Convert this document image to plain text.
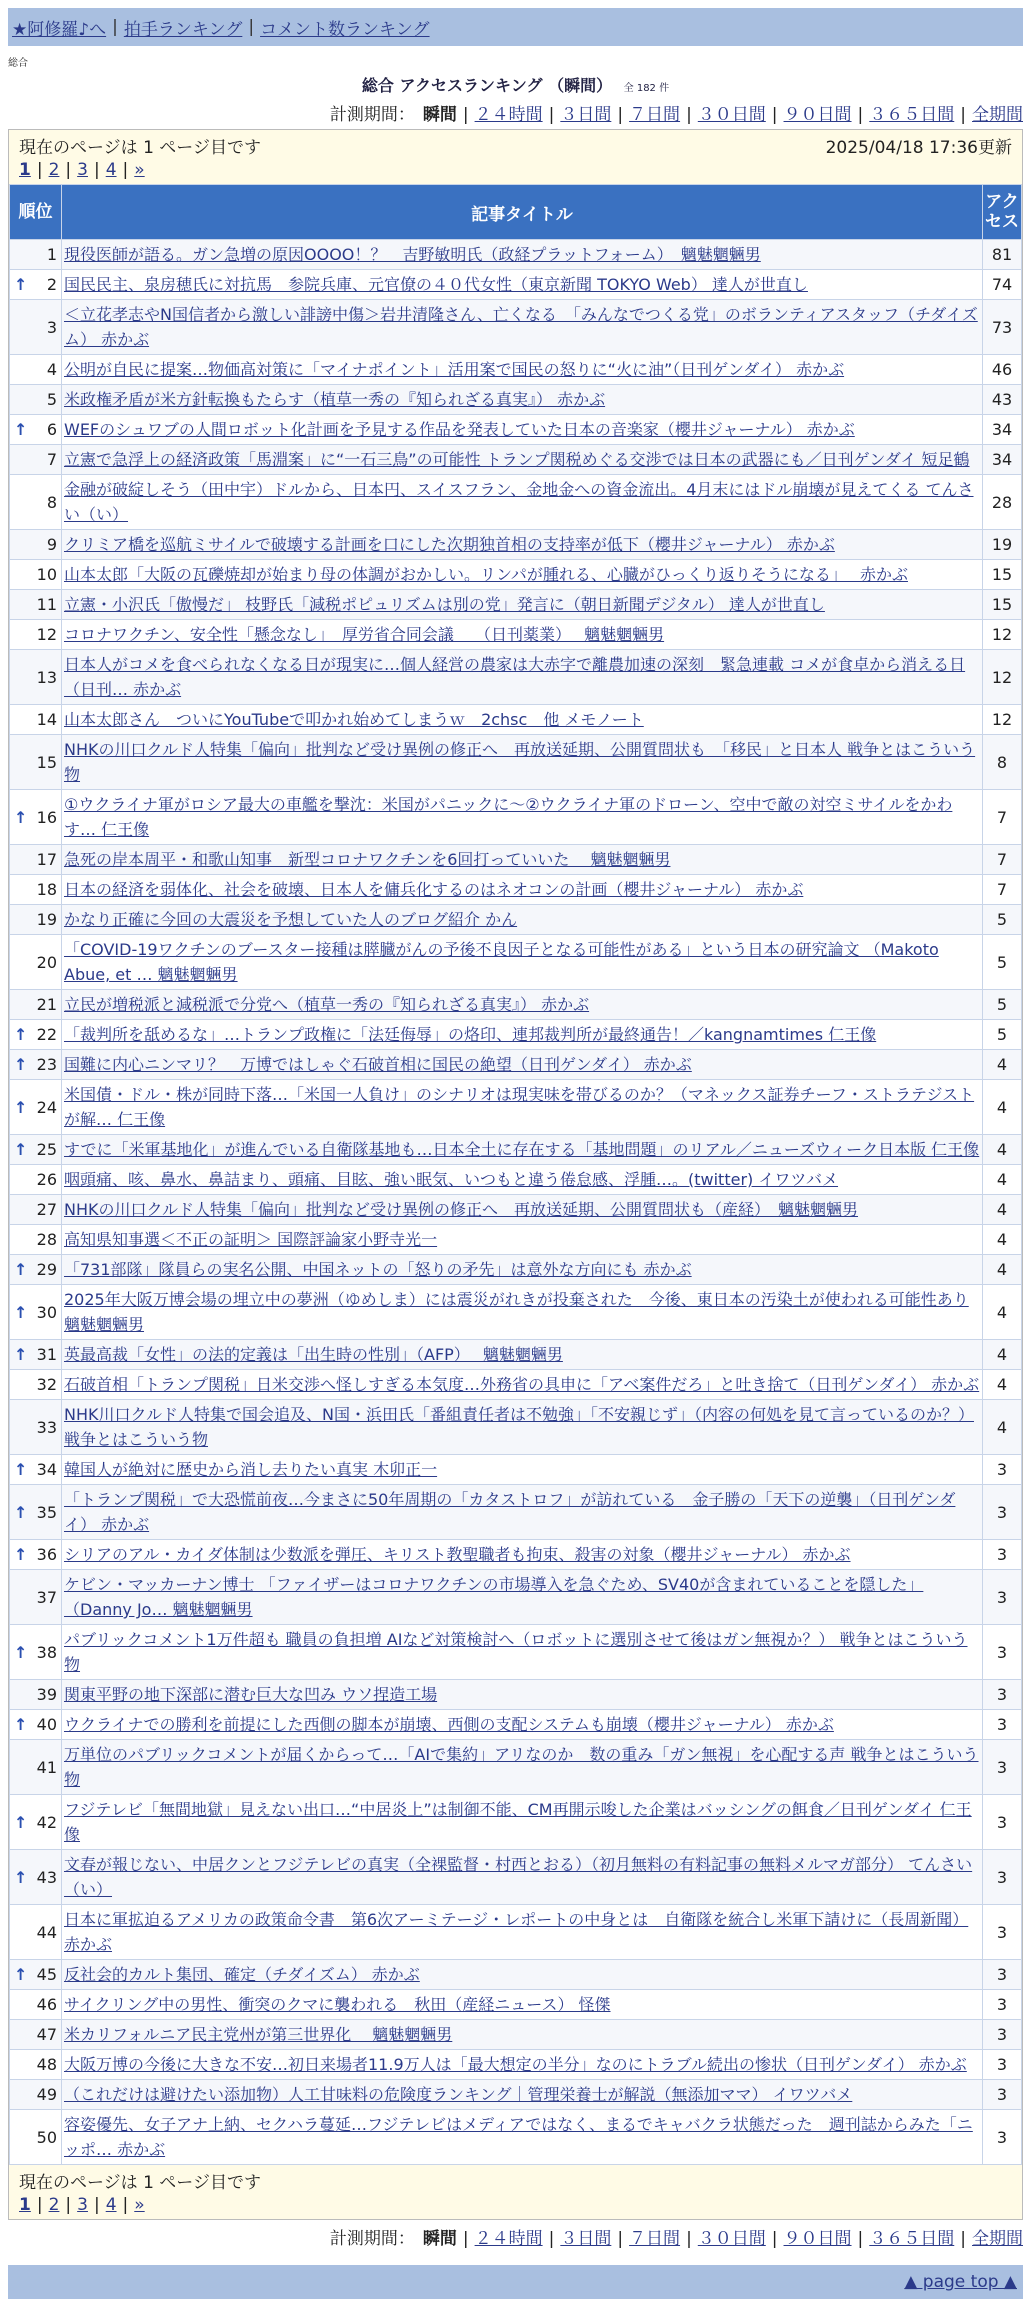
★阿修羅♪へ | 拍手ランキング | コメント数ランキング
総合
総合 アクセスランキング （瞬間） 全 182 件
計測期間： 瞬間 | ２４時間 | ３日間 | ７日間 | ３０日間 | ９０日間 | ３６５日間 | 全期間
現在のページは 1 ページ目です	2025/04/18 17:36更新
1 | 2 | 3 | 4 | »
順位	記事タイトル	アクセス
1	現役医師が語る。ガン急増の原因OOOO！？　吉野敏明氏（政経プラットフォーム）　魑魅魍魎男	81

↑ 2	国民民主、泉房穂氏に対抗馬　参院兵庫、元官僚の４０代女性（東京新聞 TOKYO Web） 達人が世直し	74
3	＜立花孝志やN国信者から激しい誹謗中傷＞岩井清隆さん、亡くなる　「みんなでつくる党」のボランティアスタッフ（チダイズム） 赤かぶ	73
4	公明が自民に提案…物価高対策に「マイナポイント」活用案で国民の怒りに“火に油”（日刊ゲンダイ） 赤かぶ	46
5	米政権矛盾が米方針転換もたらす（植草一秀の『知られざる真実』） 赤かぶ	43

↑ 6	WEFのシュワブの人間ロボット化計画を予見する作品を発表していた日本の音楽家（櫻井ジャーナル） 赤かぶ	34
7	立憲で急浮上の経済政策「馬淵案」に“一石三鳥”の可能性 トランプ関税めぐる交渉では日本の武器にも／日刊ゲンダイ 短足鶴	34
8	金融が破綻しそう（田中宇）ドルから、日本円、スイスフラン、金地金への資金流出。4月末にはドル崩壊が見えてくる てんさい（い）	28
9	クリミア橋を巡航ミサイルで破壊する計画を口にした次期独首相の支持率が低下（櫻井ジャーナル） 赤かぶ	19
10	山本太郎「大阪の瓦礫焼却が始まり母の体調がおかしい。リンパが腫れる、心臓がひっくり返りそうになる」　 赤かぶ	15
11	立憲・小沢氏「傲慢だ」 枝野氏「減税ポピュリズムは別の党」発言に（朝日新聞デジタル） 達人が世直し	15
12	コロナワクチン、安全性「懸念なし」　厚労省合同会議　 （日刊薬業）　 魑魅魍魎男	12
13	日本人がコメを食べられなくなる日が現実に…個人経営の農家は大赤字で離農加速の深刻　緊急連載 コメが食卓から消える日（日刊… 赤かぶ	12
14	山本太郎さん　ついにYouTubeで叩かれ始めてしまうｗ　2chsc　他 メモノート	12
15	NHKの川口クルド人特集「偏向」批判など受け異例の修正へ　再放送延期、公開質問状も　「移民」と日本人 戦争とはこういう物	8

↑ 16	①ウクライナ軍がロシア最大の車艦を撃沈：米国がパニックに〜②ウクライナ軍のドローン、空中で敵の対空ミサイルをかわす… 仁王像	7
17	急死の岸本周平・和歌山知事　新型コロナワクチンを6回打っていいた　 魑魅魍魎男	7
18	日本の経済を弱体化、社会を破壊、日本人を傭兵化するのはネオコンの計画（櫻井ジャーナル） 赤かぶ	7
19	かなり正確に今回の大震災を予想していた人のブログ紹介 かん	5
20	「COVID-19ワクチンのブースター接種は膵臓がんの予後不良因子となる可能性がある」という日本の研究論文 （Makoto Abue, et … 魑魅魍魎男	5
21	立民が増税派と減税派で分党へ（植草一秀の『知られざる真実』） 赤かぶ	5

↑ 22	「裁判所を舐めるな」…トランプ政権に「法廷侮辱」の烙印、連邦裁判所が最終通告！／kangnamtimes 仁王像	5

↑ 23	国難に内心ニンマリ？　万博ではしゃぐ石破首相に国民の絶望（日刊ゲンダイ） 赤かぶ	4

↑ 24	米国債・ドル・株が同時下落…「米国一人負け」のシナリオは現実味を帯びるのか？（マネックス証券チーフ・ストラテジストが解… 仁王像	4

↑ 25	すでに「米軍基地化」が進んでいる自衛隊基地も…日本全土に存在する「基地問題」のリアル／ニューズウィーク日本版 仁王像	4
26	咽頭痛、咳、鼻水、鼻詰まり、頭痛、目眩、強い眠気、いつもと違う倦怠感、浮腫…。(twitter) イワツバメ	4
27	NHKの川口クルド人特集「偏向」批判など受け異例の修正へ　再放送延期、公開質問状も（産経）　魑魅魍魎男	4
28	高知県知事選＜不正の証明＞ 国際評論家小野寺光一	4

↑ 29	「731部隊」隊員らの実名公開、中国ネットの「怒りの矛先」は意外な方向にも 赤かぶ	4

↑ 30	2025年大阪万博会場の埋立中の夢洲（ゆめしま）には震災がれきが投棄された　今後、東日本の汚染土が使われる可能性あり 魑魅魍魎男	4

↑ 31	英最高裁「女性」の法的定義は「出生時の性別」（AFP）　 魑魅魍魎男	4
32	石破首相「トランプ関税」日米交渉へ怪しすぎる本気度…外務省の具申に「アベ案件だろ」と吐き捨て（日刊ゲンダイ） 赤かぶ	4
33	NHK川口クルド人特集で国会追及、N国・浜田氏「番組責任者は不勉強」「不安親じず」（内容の何処を見て言っているのか？） 戦争とはこういう物	4

↑ 34	韓国人が絶対に歴史から消し去りたい真実 木卯正一	3

↑ 35	「トランプ関税」で大恐慌前夜…今まさに50年周期の「カタストロフ」が訪れている　金子勝の「天下の逆襲」（日刊ゲンダイ） 赤かぶ	3

↑ 36	シリアのアル・カイダ体制は少数派を弾圧、キリスト教聖職者も拘束、殺害の対象（櫻井ジャーナル） 赤かぶ	3
37	ケビン・マッカーナン博士 「ファイザーはコロナワクチンの市場導入を急ぐため、SV40が含まれていることを隠した」（Danny Jo… 魑魅魍魎男	3

↑ 38	パブリックコメント1万件超も 職員の負担増 AIなど対策検討へ（ロボットに選別させて後はガン無視か？） 戦争とはこういう物	3
39	関東平野の地下深部に潜む巨大な凹み ウソ捏造工場	3

↑ 40	ウクライナでの勝利を前提にした西側の脚本が崩壊、西側の支配システムも崩壊（櫻井ジャーナル） 赤かぶ	3
41	万単位のパブリックコメントが届くからって…「AIで集約」アリなのか　数の重み「ガン無視」を心配する声 戦争とはこういう物	3

↑ 42	フジテレビ「無間地獄」見えない出口…“中居炎上”は制御不能、CM再開示唆した企業はバッシングの餌食／日刊ゲンダイ 仁王像	3

↑ 43	文春が報じない、中居クンとフジテレビの真実（全裸監督・村西とおる）（初月無料の有料記事の無料メルマガ部分） てんさい（い）	3
44	日本に軍拡迫るアメリカの政策命令書　第6次アーミテージ・レポートの中身とは　自衛隊を統合し米軍下請けに（長周新聞） 赤かぶ	3

↑ 45	反社会的カルト集団、確定（チダイズム） 赤かぶ	3
46	サイクリング中の男性、衝突のクマに襲われる　秋田（産経ニュース） 怪傑	3
47	米カリフォルニア民主党州が第三世界化　 魑魅魍魎男	3
48	大阪万博の今後に大きな不安…初日来場者11.9万人は「最大想定の半分」なのにトラブル続出の惨状（日刊ゲンダイ） 赤かぶ	3
49	（これだけは避けたい添加物）人工甘味料の危険度ランキング｜管理栄養士が解説（無添加ママ） イワツバメ	3
50	容姿優先、女子アナ上納、セクハラ蔓延…フジテレビはメディアではなく、まるでキャバクラ状態だった　週刊誌からみた「ニッポ… 赤かぶ	3
現在のページは 1 ページ目です
1 | 2 | 3 | 4 | »
計測期間： 瞬間 | ２４時間 | ３日間 | ７日間 | ３０日間 | ９０日間 | ３６５日間 | 全期間
▲ page top ▲
